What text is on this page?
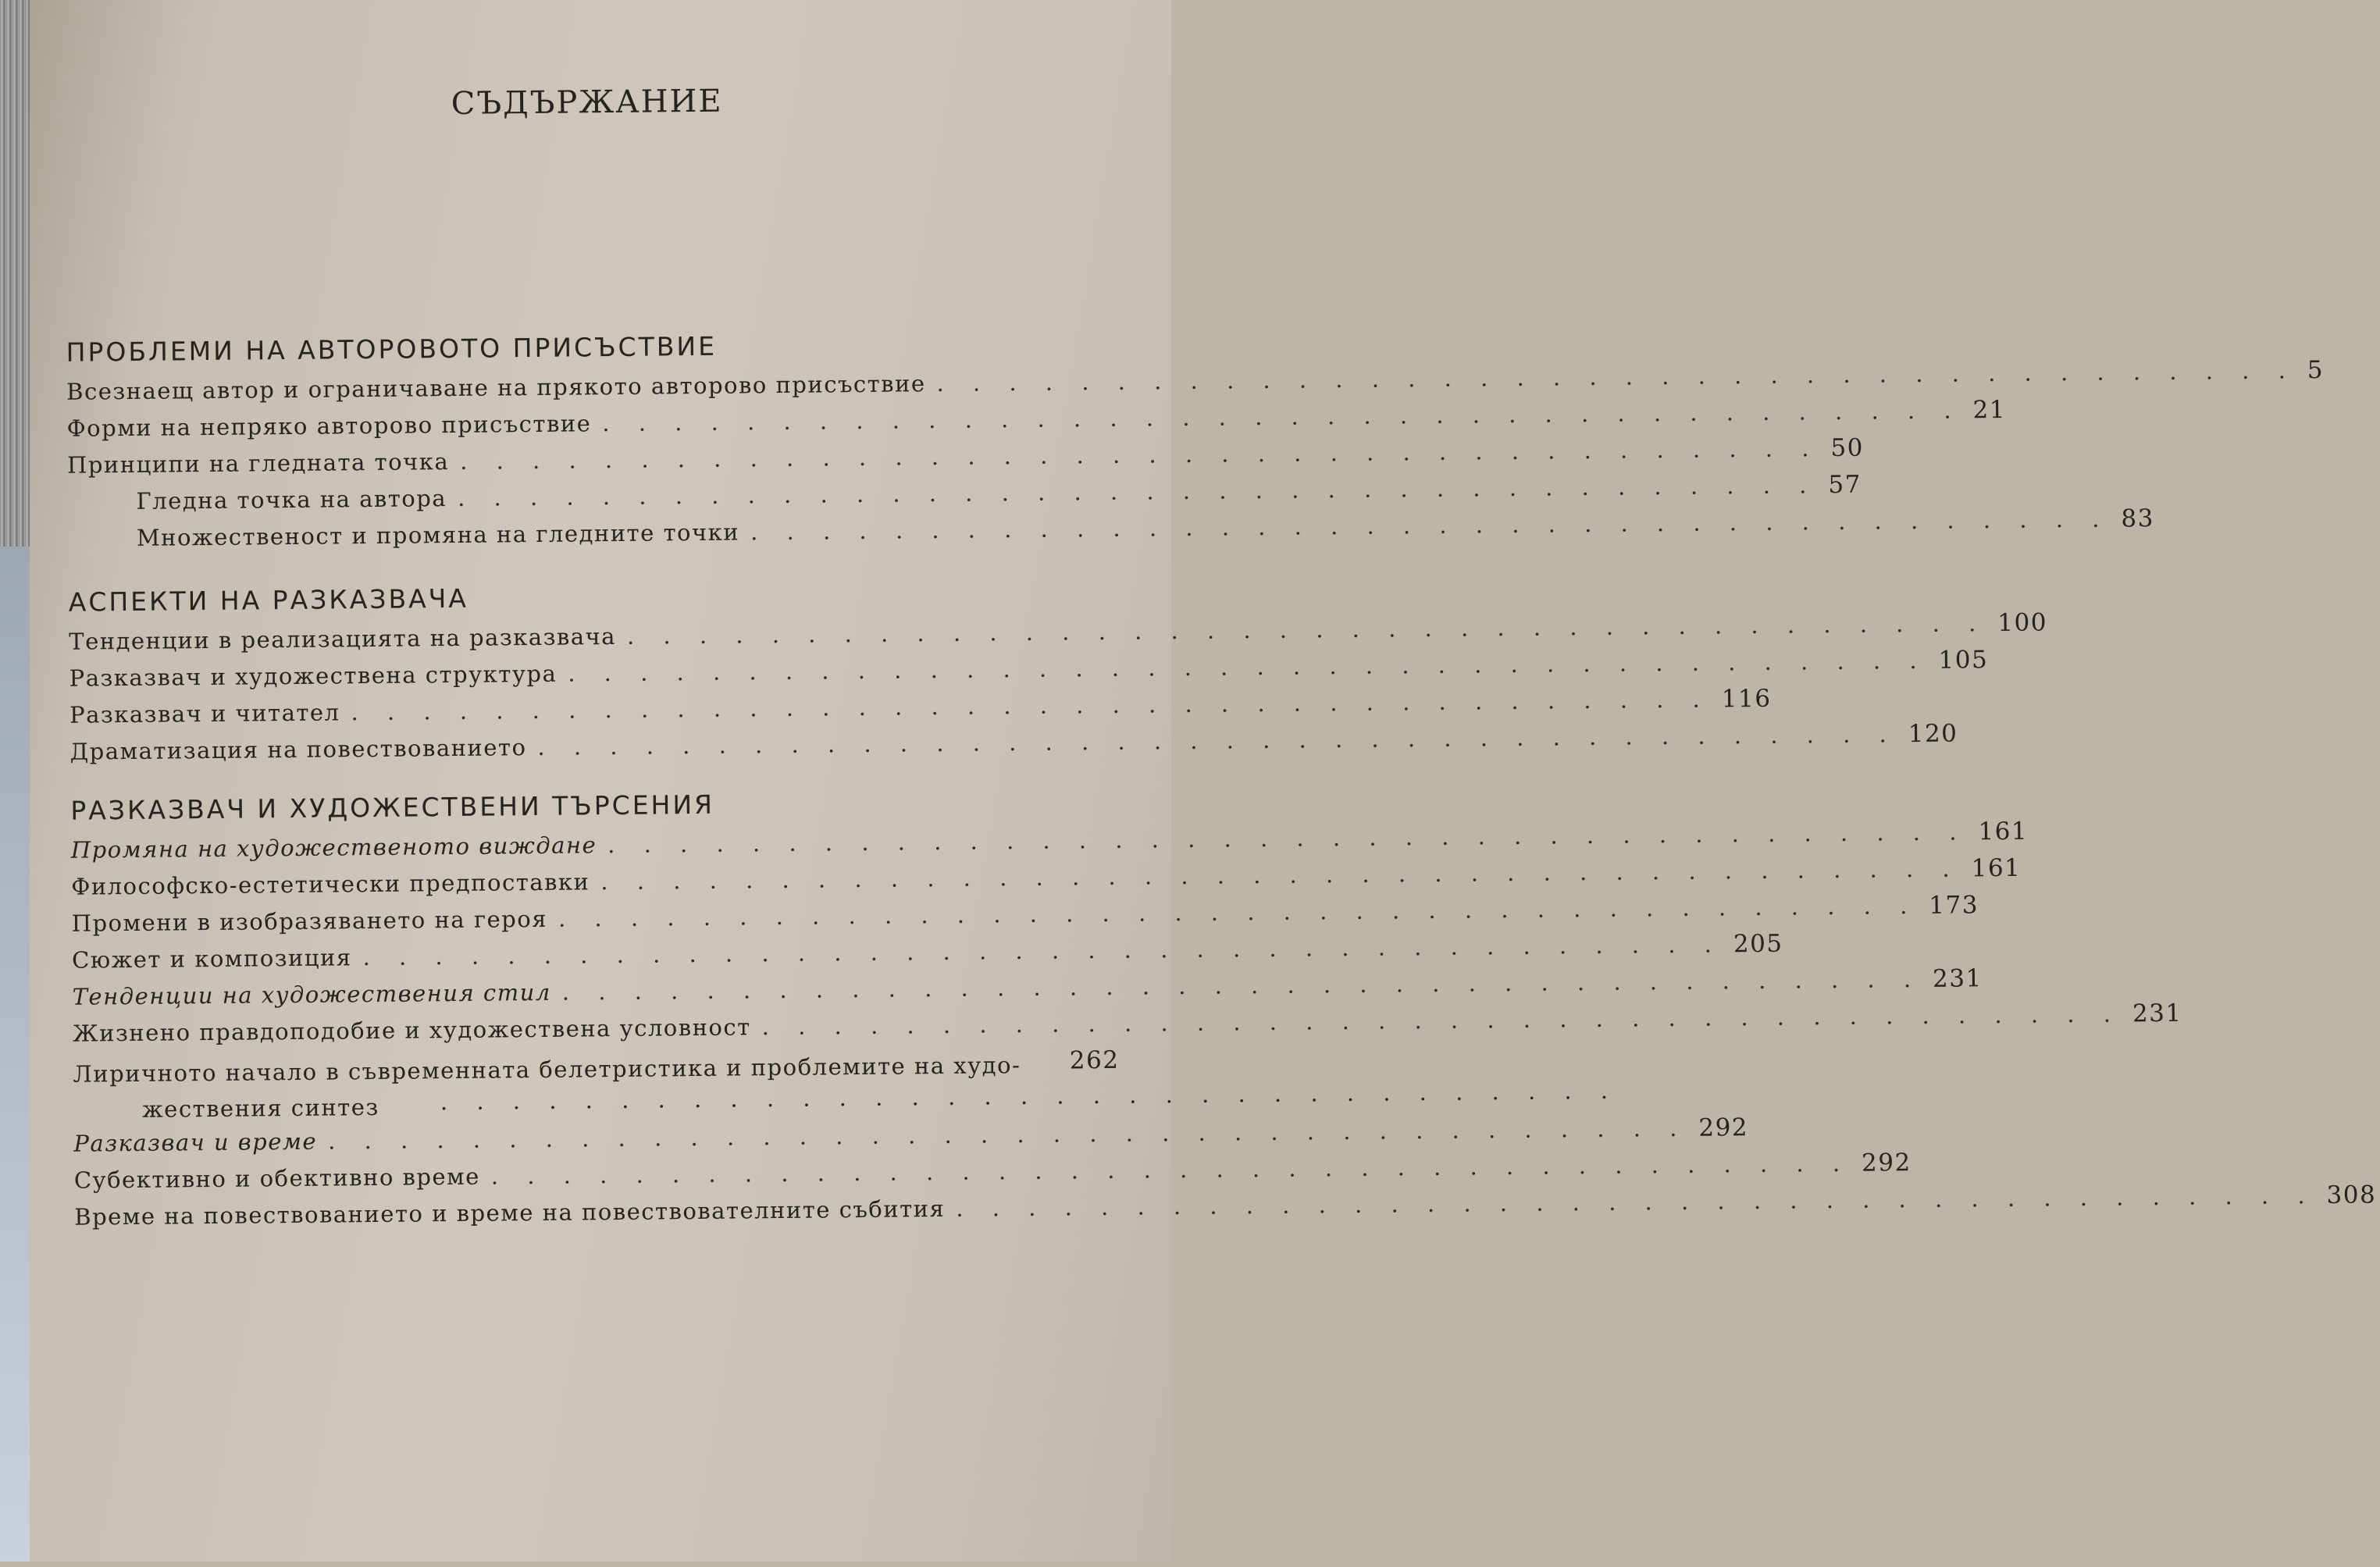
СЪДЪРЖАНИЕ
ПРОБЛЕМИ НА АВТОРОВОТО ПРИСЪСТВИЕ
Всезнаещ автор и ограничаване на прякото авторово присъствие . . . . . . . . . . . . . . . . . . . . . . . . . . . . . . . . . . . . . . 5
Форми на непряко авторово присъствие . . . . . . . . . . . . . . . . . . . . . . . . . . . . . . . . . . . . . . 21
Принципи на гледната точка . . . . . . . . . . . . . . . . . . . . . . . . . . . . . . . . . . . . . . 50
Гледна точка на автора . . . . . . . . . . . . . . . . . . . . . . . . . . . . . . . . . . . . . . 57
Множественост и промяна на гледните точки . . . . . . . . . . . . . . . . . . . . . . . . . . . . . . . . . . . . . . 83
АСПЕКТИ НА РАЗКАЗВАЧА
Тенденции в реализацията на разказвача . . . . . . . . . . . . . . . . . . . . . . . . . . . . . . . . . . . . . . 100
Разказвач и художествена структура . . . . . . . . . . . . . . . . . . . . . . . . . . . . . . . . . . . . . . 105
Разказвач и читател . . . . . . . . . . . . . . . . . . . . . . . . . . . . . . . . . . . . . . 116
Драматизация на повествованието . . . . . . . . . . . . . . . . . . . . . . . . . . . . . . . . . . . . . . 120
РАЗКАЗВАЧ И ХУДОЖЕСТВЕНИ ТЪРСЕНИЯ
Промяна на художественото виждане . . . . . . . . . . . . . . . . . . . . . . . . . . . . . . . . . . . . . . 161
Философско-естетически предпоставки . . . . . . . . . . . . . . . . . . . . . . . . . . . . . . . . . . . . . . 161
Промени в изобразяването на героя . . . . . . . . . . . . . . . . . . . . . . . . . . . . . . . . . . . . . . 173
Сюжет и композиция . . . . . . . . . . . . . . . . . . . . . . . . . . . . . . . . . . . . . . 205
Тенденции на художествения стил . . . . . . . . . . . . . . . . . . . . . . . . . . . . . . . . . . . . . . 231
Жизнено правдоподобие и художествена условност . . . . . . . . . . . . . . . . . . . . . . . . . . . . . . . . . . . . . . 231
Лиричното начало в съвременната белетристика и проблемите на худо-
жествения синтез	. . . . . . . . . . . . . . . . . . . . . . . . . . . . . . . . .
262
Разказвач и време . . . . . . . . . . . . . . . . . . . . . . . . . . . . . . . . . . . . . . 292
Субективно и обективно време . . . . . . . . . . . . . . . . . . . . . . . . . . . . . . . . . . . . . . 292
Време на повествованието и време на повествователните събития . . . . . . . . . . . . . . . . . . . . . . . . . . . . . . . . . . . . . . 308
